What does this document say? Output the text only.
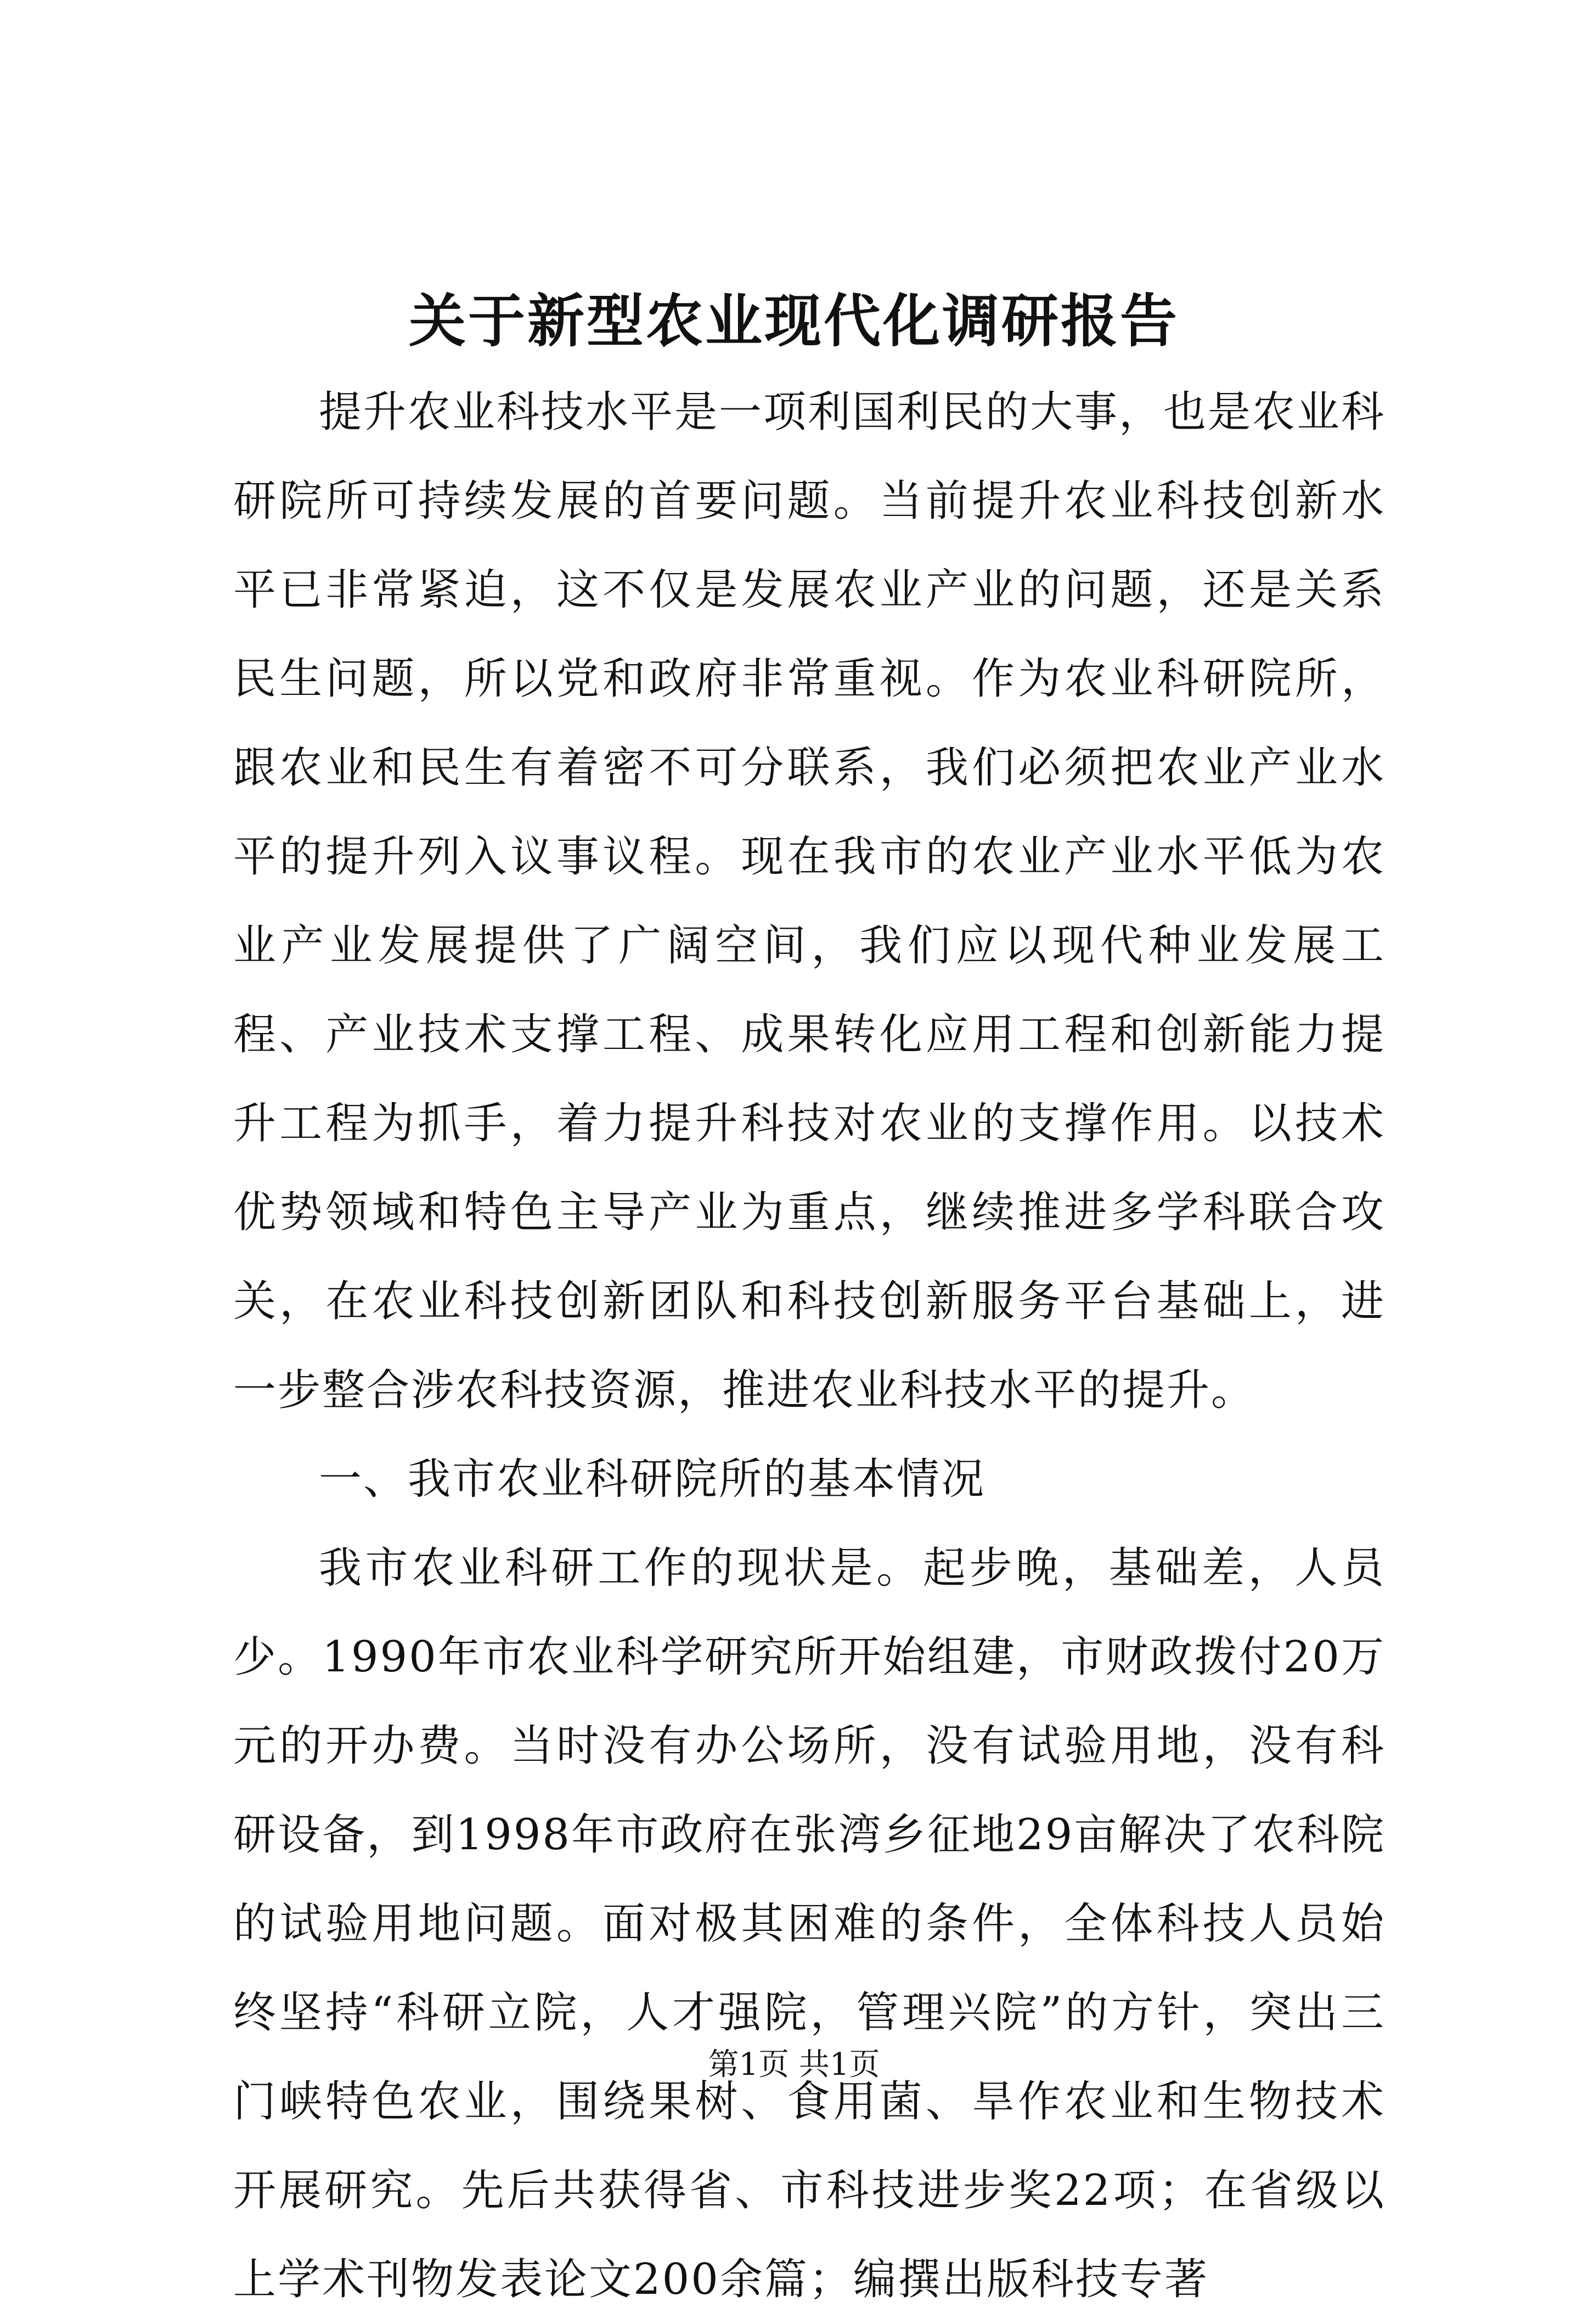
关于新型农业现代化调研报告

提升农业科技水平是一项利国利民的大事，也是农业科研院所可持续发展的首要问题。当前提升农业科技创新水平已非常紧迫，这不仅是发展农业产业的问题，还是关系民生问题，所以党和政府非常重视。作为农业科研院所，跟农业和民生有着密不可分联系，我们必须把农业产业水平的提升列入议事议程。现在我市的农业产业水平低为农业产业发展提供了广阔空间，我们应以现代种业发展工程、产业技术支撑工程、成果转化应用工程和创新能力提升工程为抓手，着力提升科技对农业的支撑作用。以技术优势领域和特色主导产业为重点，继续推进多学科联合攻关，在农业科技创新团队和科技创新服务平台基础上，进一步整合涉农科技资源，推进农业科技水平的提升。

一、我市农业科研院所的基本情况

我市农业科研工作的现状是。起步晚，基础差，人员少。1990年市农业科学研究所开始组建，市财政拨付20万元的开办费。当时没有办公场所，没有试验用地，没有科研设备，到1998年市政府在张湾乡征地29亩解决了农科院的试验用地问题。面对极其困难的条件，全体科技人员始终坚持“科研立院，人才强院，管理兴院”的方针，突出三门峡特色农业，围绕果树、食用菌、旱作农业和生物技术开展研究。先后共获得省、市科技进步奖22项；在省级以上学术刊物发表论文200余篇；编撰出版科技专著

第1页 共1页
